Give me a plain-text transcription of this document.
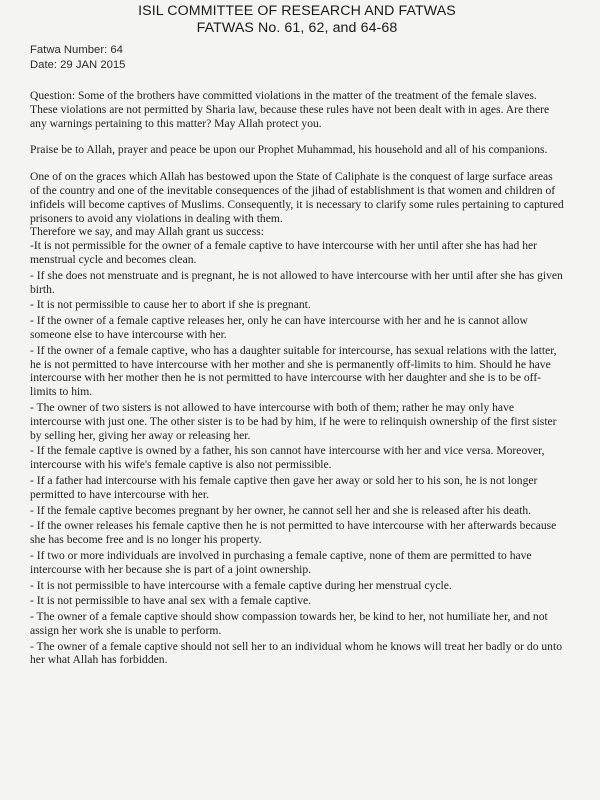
ISIL COMMITTEE OF RESEARCH AND FATWAS
FATWAS No. 61, 62, and 64-68
Fatwa Number: 64
Date: 29 JAN 2015

Question: Some of the brothers have committed violations in the matter of the treatment of the female slaves. These violations are not permitted by Sharia law, because these rules have not been dealt with in ages. Are there any warnings pertaining to this matter? May Allah protect you.

Praise be to Allah, prayer and peace be upon our Prophet Muhammad, his household and all of his companions.

One of on the graces which Allah has bestowed upon the State of Caliphate is the conquest of large surface areas of the country and one of the inevitable consequences of the jihad of establishment is that women and children of infidels will become captives of Muslims. Consequently, it is necessary to clarify some rules pertaining to captured prisoners to avoid any violations in dealing with them.

Therefore we say, and may Allah grant us success:

-It is not permissible for the owner of a female captive to have intercourse with her until after she has had her menstrual cycle and becomes clean.
- If she does not menstruate and is pregnant, he is not allowed to have intercourse with her until after she has given birth.
- It is not permissible to cause her to abort if she is pregnant.
- If the owner of a female captive releases her, only he can have intercourse with her and he is cannot allow someone else to have intercourse with her.
- If the owner of a female captive, who has a daughter suitable for intercourse, has sexual relations with the latter, he is not permitted to have intercourse with her mother and she is permanently off-limits to him. Should he have intercourse with her mother then he is not permitted to have intercourse with her daughter and she is to be off-limits to him.
- The owner of two sisters is not allowed to have intercourse with both of them; rather he may only have intercourse with just one. The other sister is to be had by him, if he were to relinquish ownership of the first sister by selling her, giving her away or releasing her.
- If the female captive is owned by a father, his son cannot have intercourse with her and vice versa. Moreover, intercourse with his wife's female captive is also not permissible.
- If a father had intercourse with his female captive then gave her away or sold her to his son, he is not longer permitted to have intercourse with her.
- If the female captive becomes pregnant by her owner, he cannot sell her and she is released after his death.
- If the owner releases his female captive then he is not permitted to have intercourse with her afterwards because she has become free and is no longer his property.
- If two or more individuals are involved in purchasing a female captive, none of them are permitted to have intercourse with her because she is part of a joint ownership.
- It is not permissible to have intercourse with a female captive during her menstrual cycle.
- It is not permissible to have anal sex with a female captive.
- The owner of a female captive should show compassion towards her, be kind to her, not humiliate her, and not assign her work she is unable to perform.
- The owner of a female captive should not sell her to an individual whom he knows will treat her badly or do unto her what Allah has forbidden.
